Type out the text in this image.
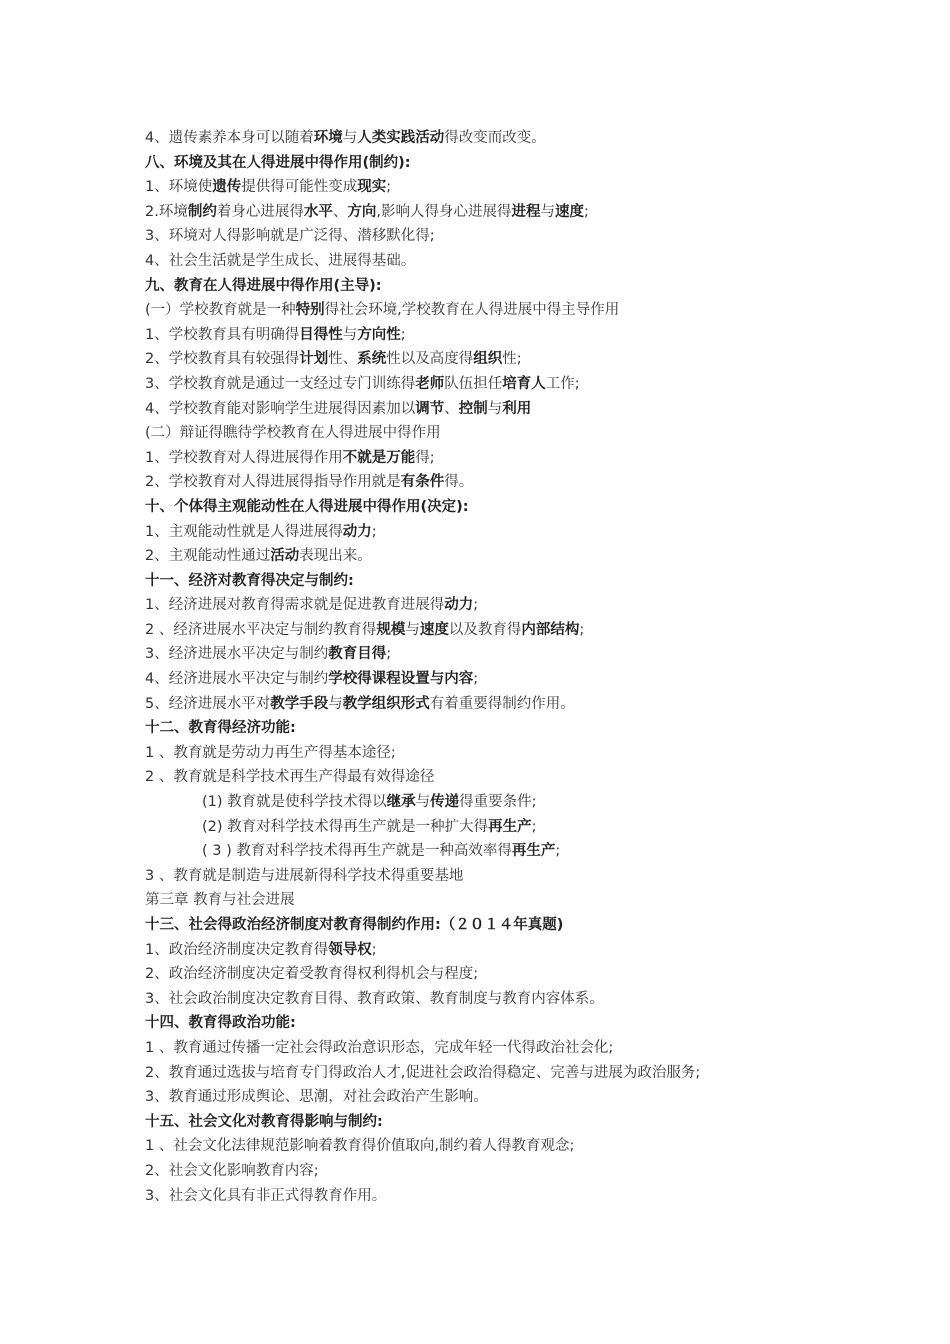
4、遗传素养本身可以随着环境与人类实践活动得改变而改变。
八、环境及其在人得进展中得作用(制约):
1、环境使遗传提供得可能性变成现实;
2.环境制约着身心进展得水平、方向,影响人得身心进展得进程与速度;
3、环境对人得影响就是广泛得、潜移默化得;
4、社会生活就是学生成长、进展得基础。
九、教育在人得进展中得作用(主导):
(一）学校教育就是一种特别得社会环境,学校教育在人得进展中得主导作用
1、学校教育具有明确得目得性与方向性;
2、学校教育具有较强得计划性、系统性以及高度得组织性;
3、学校教育就是通过一支经过专门训练得老师队伍担任培育人工作;
4、学校教育能对影响学生进展得因素加以调节、控制与利用
(二）辩证得瞧待学校教育在人得进展中得作用
1、学校教育对人得进展得作用不就是万能得;
2、学校教育对人得进展得指导作用就是有条件得。
十、个体得主观能动性在人得进展中得作用(决定):
1、主观能动性就是人得进展得动力;
2、主观能动性通过活动表现出来。
十一、经济对教育得决定与制约:
1、经济进展对教育得需求就是促进教育进展得动力;
2 、经济进展水平决定与制约教育得规模与速度以及教育得内部结构;
3、经济进展水平决定与制约教育目得;
4、经济进展水平决定与制约学校得课程设置与内容;
5、经济进展水平对教学手段与教学组织形式有着重要得制约作用。
十二、教育得经济功能:
1 、教育就是劳动力再生产得基本途径;
2 、教育就是科学技术再生产得最有效得途径
(1) 教育就是使科学技术得以继承与传递得重要条件;
(2) 教育对科学技术得再生产就是一种扩大得再生产;
( 3 ) 教育对科学技术得再生产就是一种高效率得再生产;
3 、教育就是制造与进展新得科学技术得重要基地
第三章 教育与社会进展
十三、社会得政治经济制度对教育得制约作用:（２０１４年真题)
1、政治经济制度决定教育得领导权;
2、政治经济制度决定着受教育得权利得机会与程度;
3、社会政治制度决定教育目得、教育政策、教育制度与教育内容体系。
十四、教育得政治功能:
1 、教育通过传播一定社会得政治意识形态，完成年轻一代得政治社会化;
2、教育通过选拔与培育专门得政治人才,促进社会政治得稳定、完善与进展为政治服务;
3、教育通过形成舆论、思潮，对社会政治产生影响。
十五、社会文化对教育得影响与制约:
1 、社会文化法律规范影响着教育得价值取向,制约着人得教育观念;
2、社会文化影响教育内容;
3、社会文化具有非正式得教育作用。
